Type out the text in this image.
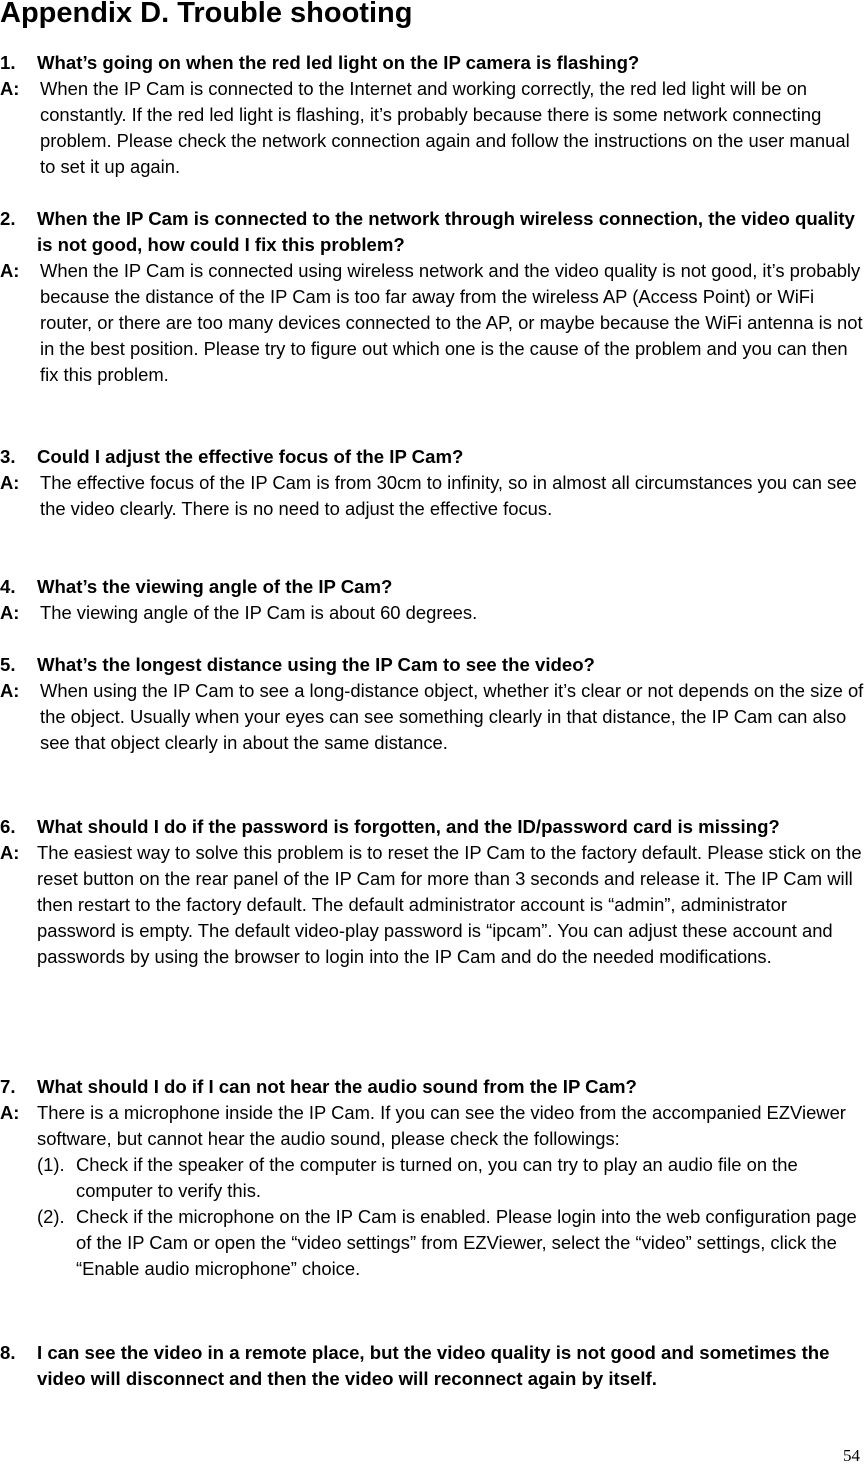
Appendix D. Trouble shooting
1. What’s going on when the red led light on the IP camera is flashing?
A: When the IP Cam is connected to the Internet and working correctly, the red led light will be on constantly. If the red led light is flashing, it’s probably because there is some network connecting problem. Please check the network connection again and follow the instructions on the user manual to set it up again.
2. When the IP Cam is connected to the network through wireless connection, the video quality is not good, how could I fix this problem?
A: When the IP Cam is connected using wireless network and the video quality is not good, it’s probably because the distance of the IP Cam is too far away from the wireless AP (Access Point) or WiFi router, or there are too many devices connected to the AP, or maybe because the WiFi antenna is not in the best position. Please try to figure out which one is the cause of the problem and you can then fix this problem.
3. Could I adjust the effective focus of the IP Cam?
A: The effective focus of the IP Cam is from 30cm to infinity, so in almost all circumstances you can see the video clearly. There is no need to adjust the effective focus.
4. What’s the viewing angle of the IP Cam?
A: The viewing angle of the IP Cam is about 60 degrees.
5. What’s the longest distance using the IP Cam to see the video?
A: When using the IP Cam to see a long-distance object, whether it’s clear or not depends on the size of the object. Usually when your eyes can see something clearly in that distance, the IP Cam can also see that object clearly in about the same distance.
6. What should I do if the password is forgotten, and the ID/password card is missing?
A: The easiest way to solve this problem is to reset the IP Cam to the factory default. Please stick on the reset button on the rear panel of the IP Cam for more than 3 seconds and release it. The IP Cam will then restart to the factory default. The default administrator account is “admin”, administrator password is empty. The default video-play password is “ipcam”. You can adjust these account and passwords by using the browser to login into the IP Cam and do the needed modifications.
7. What should I do if I can not hear the audio sound from the IP Cam?
A: There is a microphone inside the IP Cam. If you can see the video from the accompanied EZViewer software, but cannot hear the audio sound, please check the followings:
(1). Check if the speaker of the computer is turned on, you can try to play an audio file on the computer to verify this.
(2). Check if the microphone on the IP Cam is enabled. Please login into the web configuration page of the IP Cam or open the “video settings” from EZViewer, select the “video” settings, click the “Enable audio microphone” choice.
8. I can see the video in a remote place, but the video quality is not good and sometimes the video will disconnect and then the video will reconnect again by itself.
54
